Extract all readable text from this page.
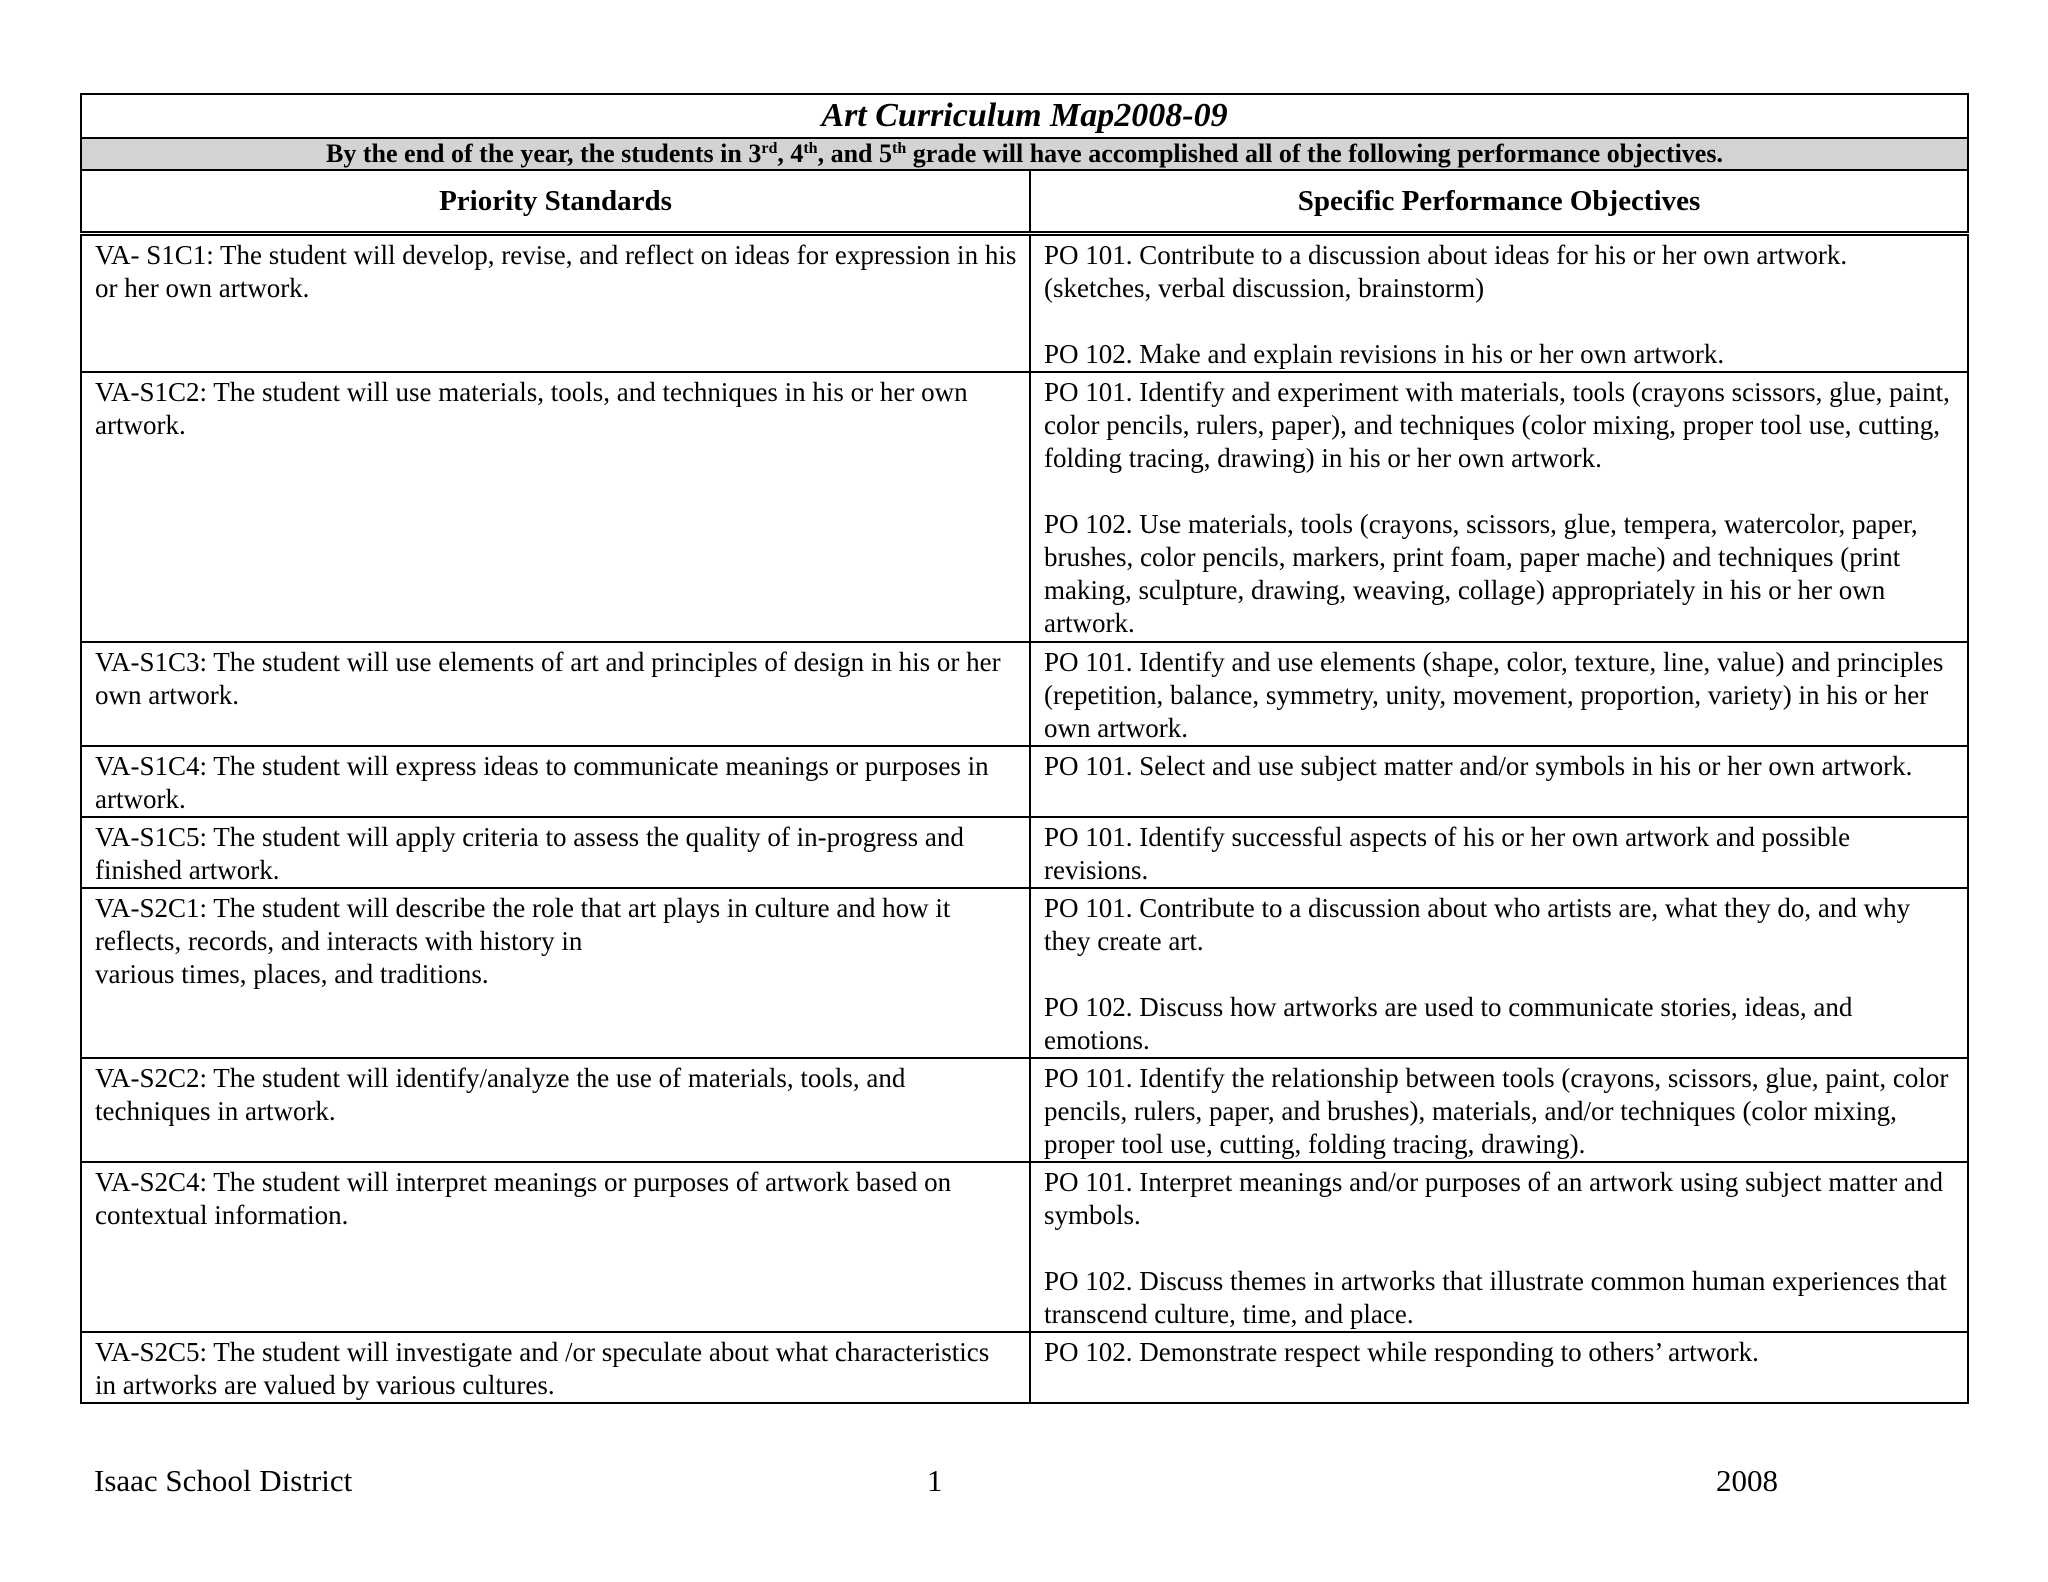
Art Curriculum Map2008-09	
By the end of the year, the students in 3rd, 4th, and 5th grade will have accomplished all of the following performance objectives.	
Priority Standards	Specific Performance Objectives
VA- S1C1: The student will develop, revise, and reflect on ideas for expression in his or her own artwork.	PO 101. Contribute to a discussion about ideas for his or her own artwork. (sketches, verbal discussion, brainstorm)
PO 102. Make and explain revisions in his or her own artwork.

VA-S1C2: The student will use materials, tools, and techniques in his or her own artwork.	PO 101. Identify and experiment with materials, tools (crayons scissors, glue, paint, color pencils, rulers, paper), and techniques (color mixing, proper tool use, cutting, folding tracing, drawing) in his or her own artwork.
PO 102. Use materials, tools (crayons, scissors, glue, tempera, watercolor, paper, brushes, color pencils, markers, print foam, paper mache) and techniques (print making, sculpture, drawing, weaving, collage) appropriately in his or her own artwork.

VA-S1C3: The student will use elements of art and principles of design in his or her own artwork.	PO 101. Identify and use elements (shape, color, texture, line, value) and principles (repetition, balance, symmetry, unity, movement, proportion, variety) in his or her own artwork.

VA-S1C4: The student will express ideas to communicate meanings or purposes in artwork.	PO 101. Select and use subject matter and/or symbols in his or her own artwork.

VA-S1C5: The student will apply criteria to assess the quality of in-progress and finished artwork.	PO 101. Identify successful aspects of his or her own artwork and possible revisions.

VA-S2C1: The student will describe the role that art plays in culture and how it reflects, records, and interacts with history in
various times, places, and traditions.	PO 101. Contribute to a discussion about who artists are, what they do, and why they create art.
PO 102. Discuss how artworks are used to communicate stories, ideas, and emotions.

VA-S2C2: The student will identify/analyze the use of materials, tools, and techniques in artwork.	PO 101. Identify the relationship between tools (crayons, scissors, glue, paint, color pencils, rulers, paper, and brushes), materials, and/or techniques (color mixing, proper tool use, cutting, folding tracing, drawing).

VA-S2C4: The student will interpret meanings or purposes of artwork based on contextual information.	PO 101. Interpret meanings and/or purposes of an artwork using subject matter and symbols.
PO 102. Discuss themes in artworks that illustrate common human experiences that transcend culture, time, and place.

VA-S2C5: The student will investigate and /or speculate about what characteristics in artworks are valued by various cultures.	PO 102. Demonstrate respect while responding to others’ artwork.
Isaac School District	1	2008
